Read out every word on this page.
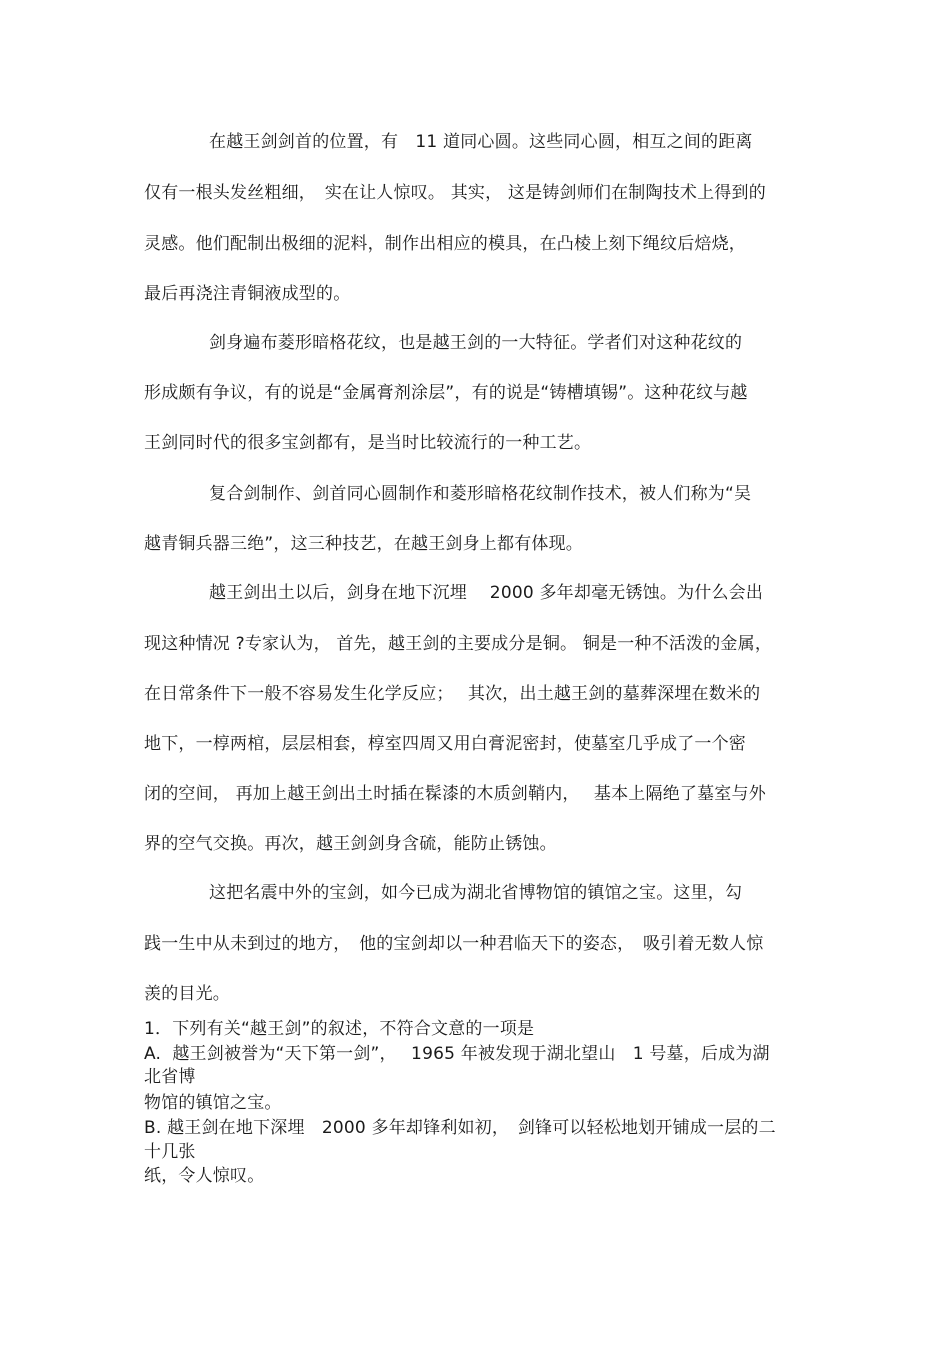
在越王剑剑首的位置，有　11 道同心圆。这些同心圆，相互之间的距离
仅有一根头发丝粗细，　实在让人惊叹。 其实， 这是铸剑师们在制陶技术上得到的
灵感。他们配制出极细的泥料，制作出相应的模具，在凸棱上刻下绳纹后焙烧，
最后再浇注青铜液成型的。
剑身遍布菱形暗格花纹，也是越王剑的一大特征。学者们对这种花纹的
形成颇有争议，有的说是“金属膏剂涂层”，有的说是“铸槽填锡”。这种花纹与越
王剑同时代的很多宝剑都有，是当时比较流行的一种工艺。
复合剑制作、剑首同心圆制作和菱形暗格花纹制作技术，被人们称为“吴
越青铜兵器三绝”，这三种技艺，在越王剑身上都有体现。
越王剑出土以后，剑身在地下沉埋　 2000 多年却毫无锈蚀。为什么会出
现这种情况 ?专家认为， 首先，越王剑的主要成分是铜。 铜是一种不活泼的金属，
在日常条件下一般不容易发生化学反应；　 其次，出土越王剑的墓葬深埋在数米的
地下，一椁两棺，层层相套，椁室四周又用白膏泥密封，使墓室几乎成了一个密
闭的空间， 再加上越王剑出土时插在髹漆的木质剑鞘内，　 基本上隔绝了墓室与外
界的空气交换。再次，越王剑剑身含硫，能防止锈蚀。
这把名震中外的宝剑，如今已成为湖北省博物馆的镇馆之宝。这里，勾
践一生中从未到过的地方，　他的宝剑却以一种君临天下的姿态，　吸引着无数人惊
羡的目光。
1．下列有关“越王剑”的叙述，不符合文意的一项是
A.  越王剑被誉为“天下第一剑”，　 1965 年被发现于湖北望山　1 号墓，后成为湖
北省博
物馆的镇馆之宝。
B. 越王剑在地下深埋　2000 多年却锋利如初，　剑锋可以轻松地划开铺成一层的二
十几张
纸，令人惊叹。
